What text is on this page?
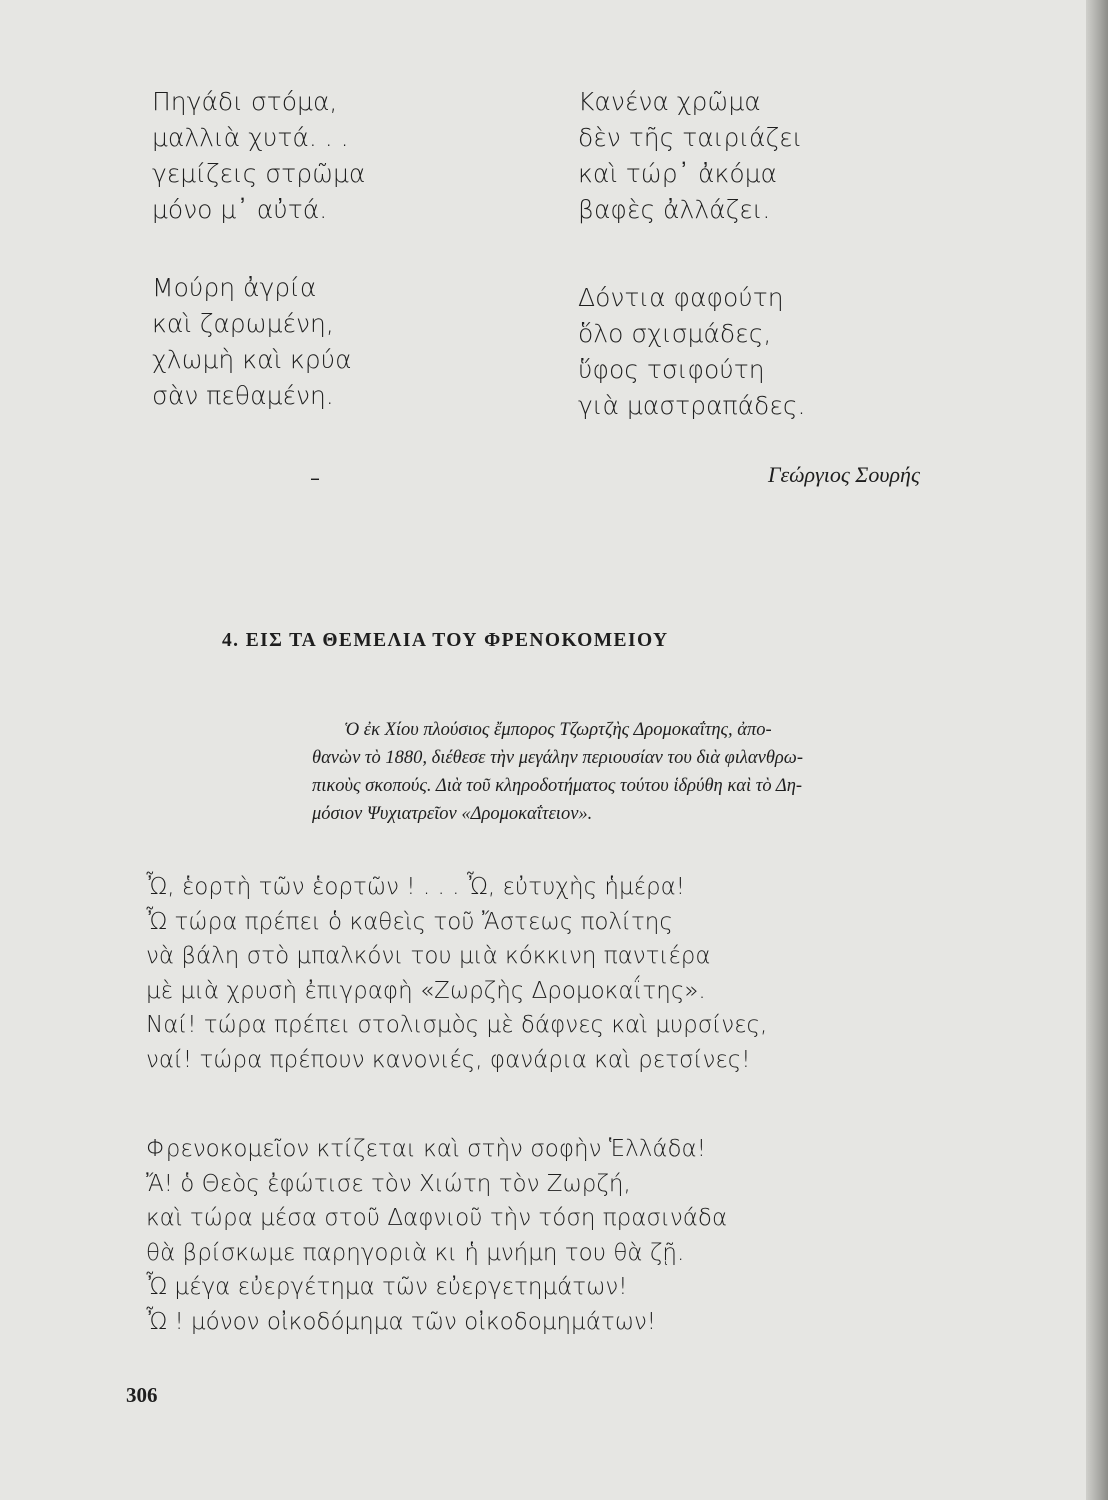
Πηγάδι στόμα,
μαλλιὰ χυτά. . .
γεμίζεις στρῶμα
μόνο μ᾿ αὐτά.
Κανένα χρῶμα
δὲν τῆς ταιριάζει
καὶ τώρ᾿ ἀκόμα
βαφὲς ἀλλάζει.
Μούρη ἀγρία
καὶ ζαρωμένη,
χλωμὴ καὶ κρύα
σὰν πεθαμένη.
Δόντια φαφούτη
ὅλο σχισμάδες,
ὕφος τσιφούτη
γιὰ μαστραπάδες.
–	Γεώργιος Σουρής
4. ΕΙΣ ΤΑ ΘΕΜΕΛΙΑ ΤΟΥ ΦΡΕΝΟΚΟΜΕΙΟΥ
Ὁ ἐκ Χίου πλούσιος ἔμπορος Τζωρτζὴς Δρομοκαΐτης, ἀπο-
θανὼν τὸ 1880, διέθεσε τὴν μεγάλην περιουσίαν του διὰ φιλανθρω-
πικοὺς σκοπούς. Διὰ τοῦ κληροδοτήματος τούτου ἱδρύθη καὶ τὸ Δη-
μόσιον Ψυχιατρεῖον «Δρομοκαΐτειον».
Ὦ, ἑορτὴ τῶν ἑορτῶν ! . . . Ὦ, εὐτυχὴς ἡμέρα!
Ὦ τώρα πρέπει ὁ καθεὶς τοῦ Ἄστεως πολίτης
νὰ βάλη στὸ μπαλκόνι του μιὰ κόκκινη παντιέρα
μὲ μιὰ χρυσὴ ἐπιγραφὴ «Ζωρζὴς Δρομοκαΐτης».
Ναί! τώρα πρέπει στολισμὸς μὲ δάφνες καὶ μυρσίνες,
ναί! τώρα πρέπουν κανονιές, φανάρια καὶ ρετσίνες!
Φρενοκομεῖον κτίζεται καὶ στὴν σοφὴν Ἑλλάδα!
Ἄ! ὁ Θεὸς ἐφώτισε τὸν Χιώτη τὸν Ζωρζή,
καὶ τώρα μέσα στοῦ Δαφνιοῦ τὴν τόση πρασινάδα
θὰ βρίσκωμε παρηγοριὰ κι ἡ μνήμη του θὰ ζῇ.
Ὦ μέγα εὐεργέτημα τῶν εὐεργετημάτων!
Ὦ ! μόνον οἰκοδόμημα τῶν οἰκοδομημάτων!
306
